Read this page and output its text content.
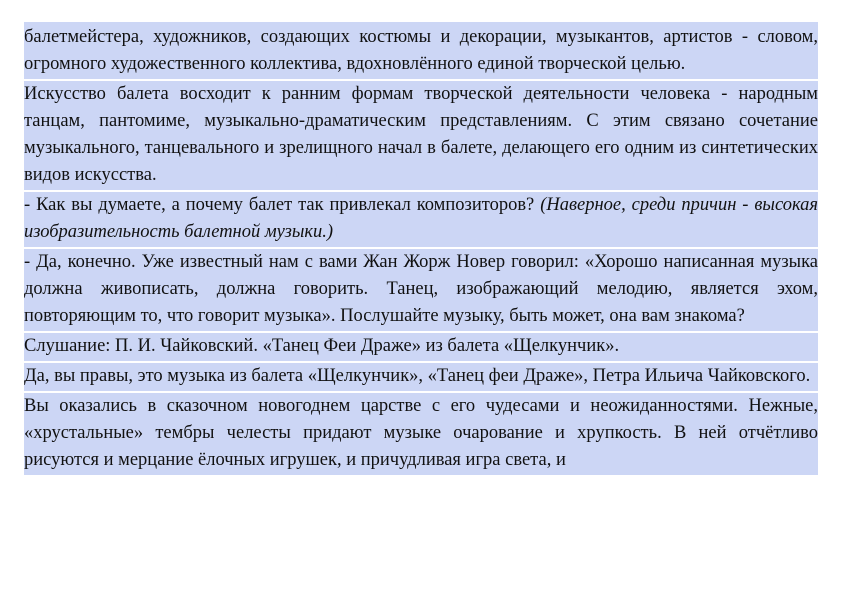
балетмейстера, художников, создающих костюмы и декорации, музыкантов, артистов - словом, огромного художественного коллектива, вдохновлённого единой творческой целью.

Искусство балета восходит к ранним формам творческой деятельности человека - народным танцам, пантомиме, музыкально-драматическим представлениям. С этим связано сочетание музыкального, танцевального и зрелищного начал в балете, делающего его одним из синтетических видов искусства.

- Как вы думаете, а почему балет так привлекал композиторов? (Наверное, среди причин - высокая изобразительность балетной музыки.)

- Да, конечно. Уже известный нам с вами Жан Жорж Новер говорил: «Хорошо написанная музыка должна живописать, должна говорить. Танец, изображающий мелодию, является эхом, повторяющим то, что говорит музыка». Послушайте музыку, быть может, она вам знакома?

Слушание: П. И. Чайковский. «Танец Феи Драже» из балета «Щелкунчик».

Да, вы правы, это музыка из балета «Щелкунчик», «Танец феи Драже», Петра Ильича Чайковского.

Вы оказались в сказочном новогоднем царстве с его чудесами и неожиданностями. Нежные, «хрустальные» тембры челесты придают музыке очарование и хрупкость. В ней отчётливо рисуются и мерцание ёлочных игрушек, и причудливая игра света, и
